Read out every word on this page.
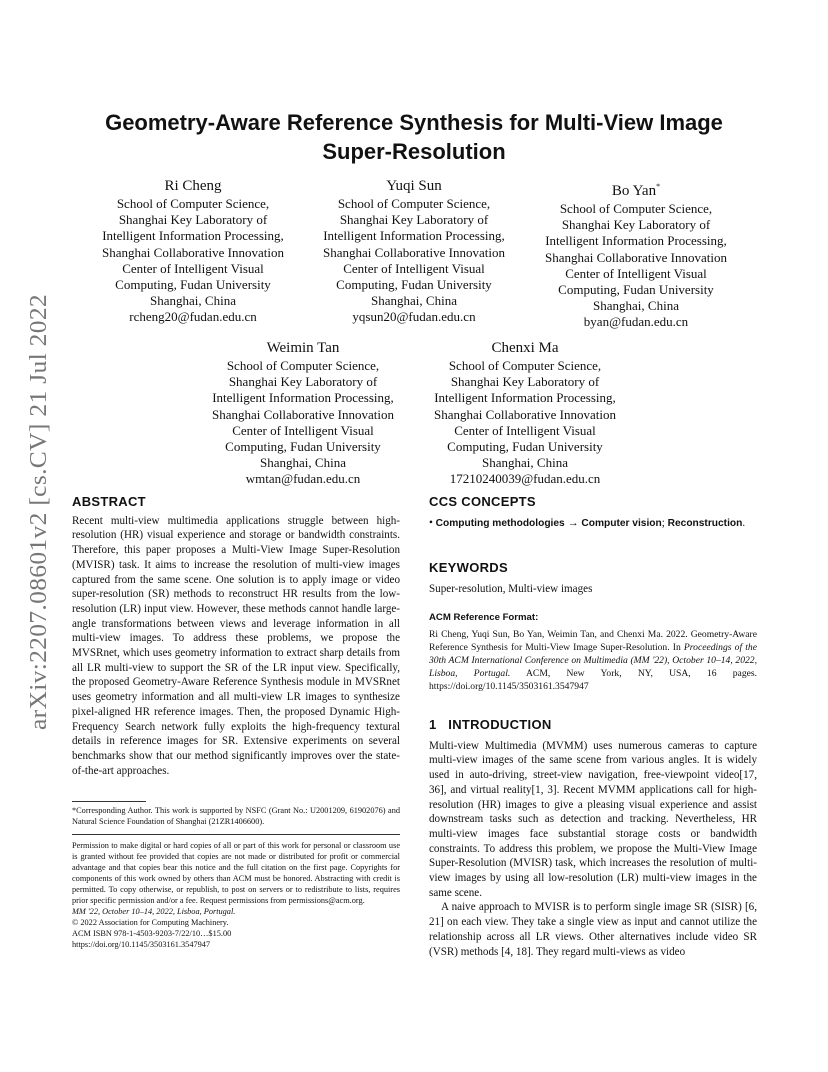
arXiv:2207.08601v2 [cs.CV] 21 Jul 2022
Geometry-Aware Reference Synthesis for Multi-View Image
Super-Resolution
Ri Cheng
School of Computer Science,
Shanghai Key Laboratory of
Intelligent Information Processing,
Shanghai Collaborative Innovation
Center of Intelligent Visual
Computing, Fudan University
Shanghai, China
rcheng20@fudan.edu.cn
Yuqi Sun
School of Computer Science,
Shanghai Key Laboratory of
Intelligent Information Processing,
Shanghai Collaborative Innovation
Center of Intelligent Visual
Computing, Fudan University
Shanghai, China
yqsun20@fudan.edu.cn
Bo Yan*
School of Computer Science,
Shanghai Key Laboratory of
Intelligent Information Processing,
Shanghai Collaborative Innovation
Center of Intelligent Visual
Computing, Fudan University
Shanghai, China
byan@fudan.edu.cn
Weimin Tan
School of Computer Science,
Shanghai Key Laboratory of
Intelligent Information Processing,
Shanghai Collaborative Innovation
Center of Intelligent Visual
Computing, Fudan University
Shanghai, China
wmtan@fudan.edu.cn
Chenxi Ma
School of Computer Science,
Shanghai Key Laboratory of
Intelligent Information Processing,
Shanghai Collaborative Innovation
Center of Intelligent Visual
Computing, Fudan University
Shanghai, China
17210240039@fudan.edu.cn
ABSTRACT

Recent multi-view multimedia applications struggle between high-resolution (HR) visual experience and storage or bandwidth constraints. Therefore, this paper proposes a Multi-View Image Super-Resolution (MVISR) task. It aims to increase the resolution of multi-view images captured from the same scene. One solution is to apply image or video super-resolution (SR) methods to reconstruct HR results from the low-resolution (LR) input view. However, these methods cannot handle large-angle transformations between views and leverage information in all multi-view images. To address these problems, we propose the MVSRnet, which uses geometry information to extract sharp details from all LR multi-view to support the SR of the LR input view. Specifically, the proposed Geometry-Aware Reference Synthesis module in MVSRnet uses geometry information and all multi-view LR images to synthesize pixel-aligned HR reference images. Then, the proposed Dynamic High-Frequency Search network fully exploits the high-frequency textural details in reference images for SR. Extensive experiments on several benchmarks show that our method significantly improves over the state-of-the-art approaches.

*Corresponding Author. This work is supported by NSFC (Grant No.: U2001209, 61902076) and Natural Science Foundation of Shanghai (21ZR1406600).

Permission to make digital or hard copies of all or part of this work for personal or classroom use is granted without fee provided that copies are not made or distributed for profit or commercial advantage and that copies bear this notice and the full citation on the first page. Copyrights for components of this work owned by others than ACM must be honored. Abstracting with credit is permitted. To copy otherwise, or republish, to post on servers or to redistribute to lists, requires prior specific permission and/or a fee. Request permissions from permissions@acm.org.

MM '22, October 10–14, 2022, Lisboa, Portugal.
© 2022 Association for Computing Machinery.
ACM ISBN 978-1-4503-9203-7/22/10…$15.00
https://doi.org/10.1145/3503161.3547947
CCS CONCEPTS

• Computing methodologies → Computer vision; Reconstruction.

KEYWORDS

Super-resolution, Multi-view images

ACM Reference Format:

Ri Cheng, Yuqi Sun, Bo Yan, Weimin Tan, and Chenxi Ma. 2022. Geometry-Aware Reference Synthesis for Multi-View Image Super-Resolution. In Proceedings of the 30th ACM International Conference on Multimedia (MM '22), October 10–14, 2022, Lisboa, Portugal. ACM, New York, NY, USA, 16 pages. https://doi.org/10.1145/3503161.3547947

1 INTRODUCTION

Multi-view Multimedia (MVMM) uses numerous cameras to capture multi-view images of the same scene from various angles. It is widely used in auto-driving, street-view navigation, free-viewpoint video[17, 36], and virtual reality[1, 3]. Recent MVMM applications call for high-resolution (HR) images to give a pleasing visual experience and assist downstream tasks such as detection and tracking. Nevertheless, HR multi-view images face substantial storage costs or bandwidth constraints. To address this problem, we propose the Multi-View Image Super-Resolution (MVISR) task, which increases the resolution of multi-view images by using all low-resolution (LR) multi-view images in the same scene.

A naive approach to MVISR is to perform single image SR (SISR) [6, 21] on each view. They take a single view as input and cannot utilize the relationship across all LR views. Other alternatives include video SR (VSR) methods [4, 18]. They regard multi-views as video
